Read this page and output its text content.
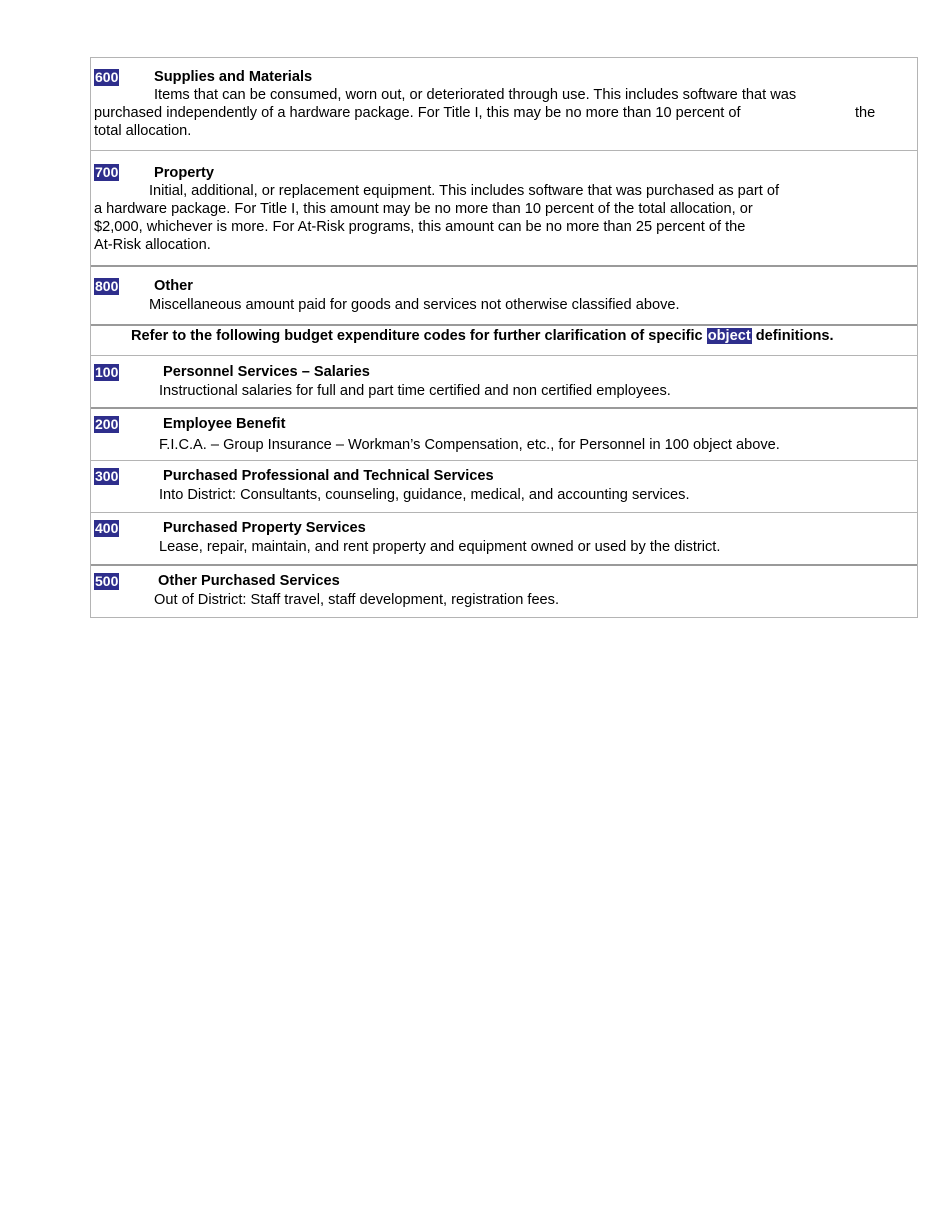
600 Supplies and Materials
Items that can be consumed, worn out, or deteriorated through use. This includes software that was
purchased independently of a hardware package. For Title I, this may be no more than 10 percent of	the
total allocation.
700 Property
Initial, additional, or replacement equipment. This includes software that was purchased as part of
a hardware package. For Title I, this amount may be no more than 10 percent of the total allocation, or
$2,000, whichever is more. For At-Risk programs, this amount can be no more than 25 percent of the
At-Risk allocation.
800 Other
Miscellaneous amount paid for goods and services not otherwise classified above.
Refer to the following budget expenditure codes for further clarification of specific object definitions.
100	Personnel Services – Salaries
Instructional salaries for full and part time certified and non certified employees.
200	Employee Benefit
F.I.C.A. – Group Insurance – Workman’s Compensation, etc., for Personnel in 100 object above.
300	Purchased Professional and Technical Services
Into District: Consultants, counseling, guidance, medical, and accounting services.
400	Purchased Property Services
Lease, repair, maintain, and rent property and equipment owned or used by the district.
500	Other Purchased Services
Out of District: Staff travel, staff development, registration fees.
